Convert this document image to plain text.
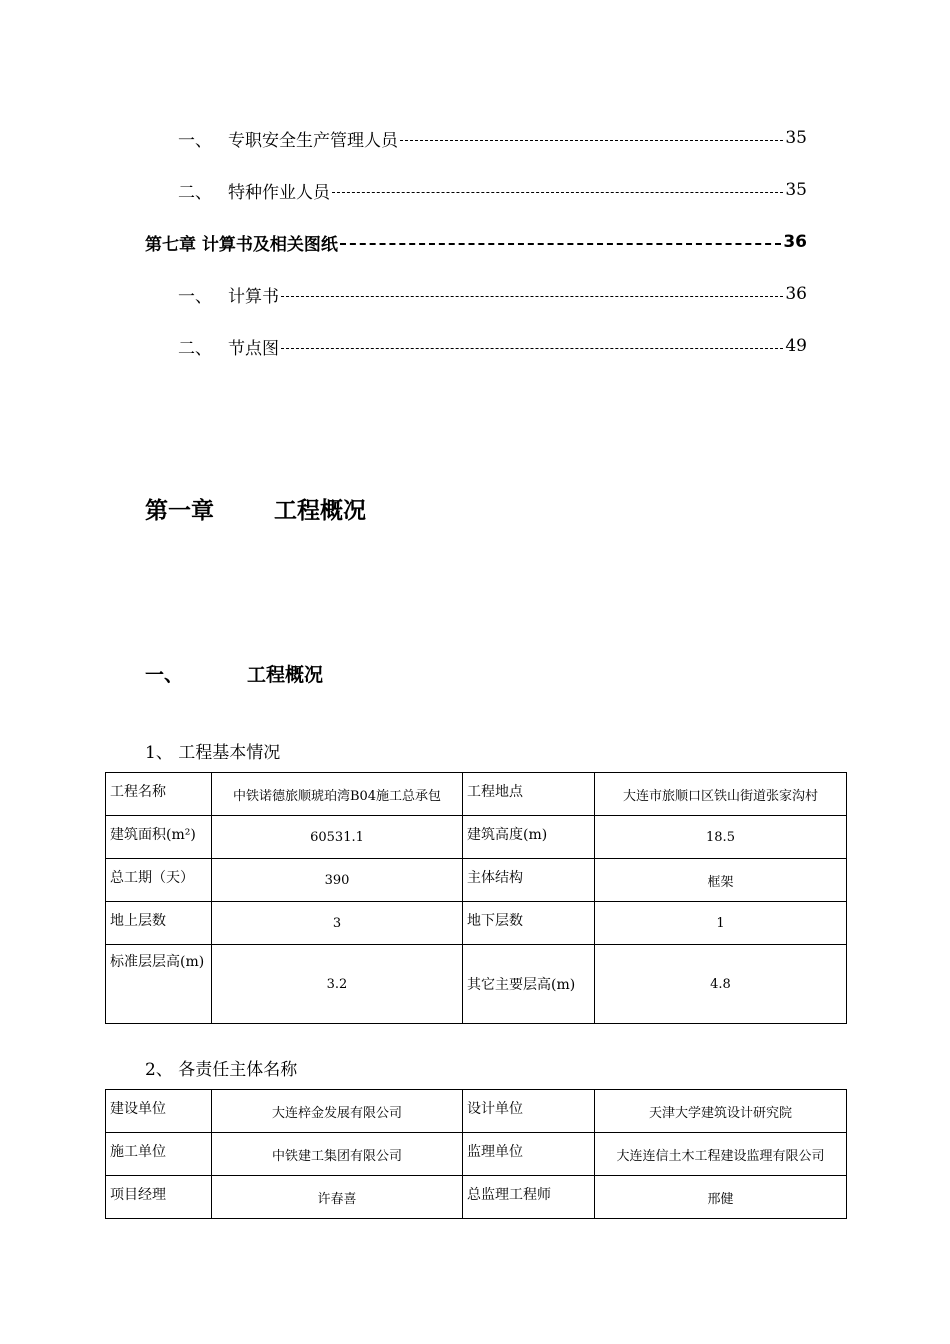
一、 专职安全生产管理人员	35
二、 特种作业人员	35
第七章 计算书及相关图纸	36
一、 计算书	36
二、 节点图	49
第一章	工程概况
一、	工程概况
1、 工程基本情况
工程名称	中铁诺德旅顺琥珀湾B04施工总承包	工程地点	大连市旅顺口区铁山街道张家沟村
建筑面积(m²)	60531.1	建筑高度(m)	18.5
总工期（天）	390	主体结构	框架
地上层数	3	地下层数	1
标准层层高(m)	3.2	其它主要层高(m)	4.8
2、 各责任主体名称
建设单位	大连梓金发展有限公司	设计单位	天津大学建筑设计研究院
施工单位	中铁建工集团有限公司	监理单位	大连连信土木工程建设监理有限公司
项目经理	许春喜	总监理工程师	邢健
